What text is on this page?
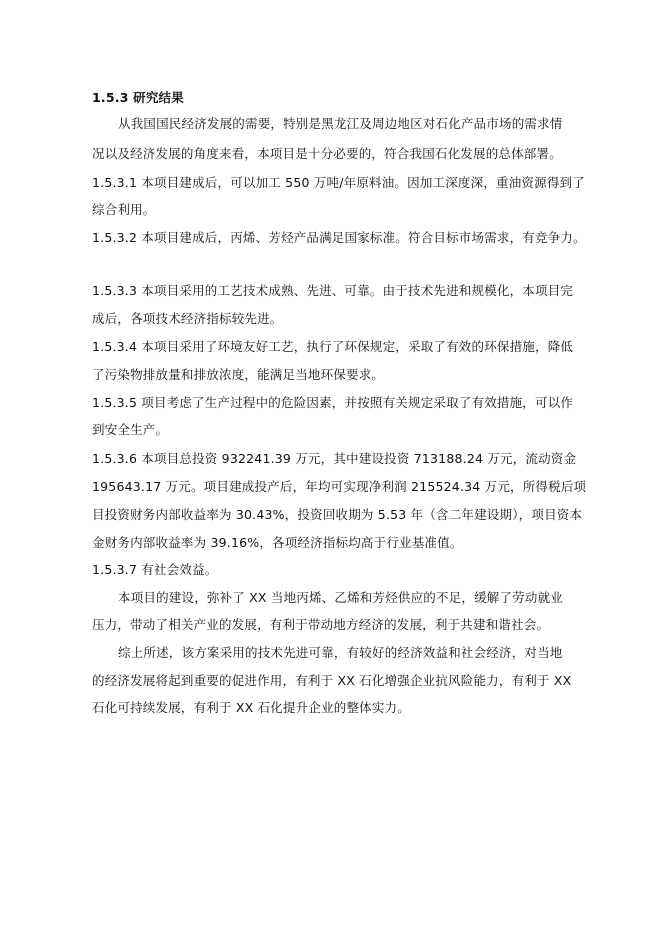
1.5.3 研究结果
从我国国民经济发展的需要，特别是黑龙江及周边地区对石化产品市场的需求情
况以及经济发展的角度来看，本项目是十分必要的，符合我国石化发展的总体部署。
1.5.3.1 本项目建成后，可以加工 550 万吨/年原料油。因加工深度深，重油资源得到了
综合利用。
1.5.3.2 本项目建成后，丙烯、芳烃产品满足国家标准。符合目标市场需求，有竞争力。
1.5.3.3 本项目采用的工艺技术成熟、先进、可靠。由于技术先进和规模化，本项目完
成后，各项技术经济指标较先进。
1.5.3.4 本项目采用了环境友好工艺，执行了环保规定，采取了有效的环保措施，降低
了污染物排放量和排放浓度，能满足当地环保要求。
1.5.3.5 项目考虑了生产过程中的危险因素，并按照有关规定采取了有效措施，可以作
到安全生产。
1.5.3.6 本项目总投资 932241.39 万元，其中建设投资 713188.24 万元，流动资金
195643.17 万元。项目建成投产后，年均可实现净利润 215524.34 万元，所得税后项
目投资财务内部收益率为 30.43%，投资回收期为 5.53 年（含二年建设期），项目资本
金财务内部收益率为 39.16%，各项经济指标均高于行业基准值。
1.5.3.7 有社会效益。
本项目的建设，弥补了 XX 当地丙烯、乙烯和芳烃供应的不足，缓解了劳动就业
压力，带动了相关产业的发展，有利于带动地方经济的发展，利于共建和谐社会。
综上所述，该方案采用的技术先进可靠，有较好的经济效益和社会经济，对当地
的经济发展将起到重要的促进作用，有利于 XX 石化增强企业抗风险能力，有利于 XX
石化可持续发展，有利于 XX 石化提升企业的整体实力。
